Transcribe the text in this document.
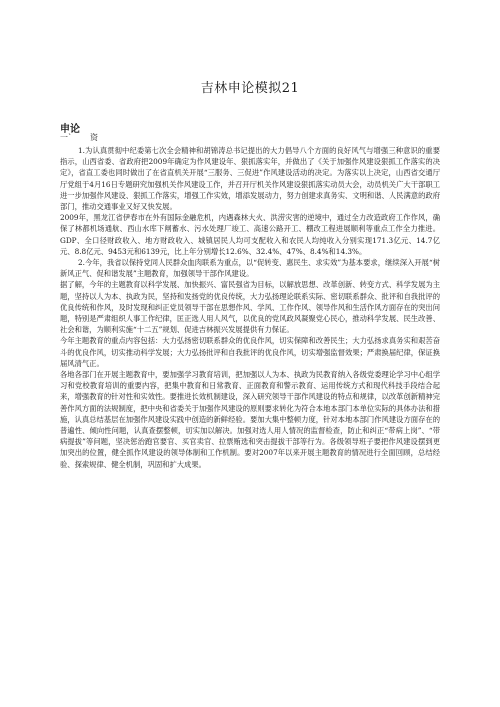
吉林申论模拟21
申论
一` 资

1.为认真贯彻中纪委第七次全会精神和胡锦涛总书记提出的大力倡导八个方面的良好风气与增强三种意识的重要指示，山西省委、省政府把2009年确定为作风建设年、狠抓落实年，并做出了《关于加强作风建设狠抓工作落实的决定》，省直工委也同时做出了在省直机关开展“三服务、三促进”作风建设活动的决定。为落实以上决定，山西省交通厅厅党组于4月16日专题研究加强机关作风建设工作，并召开厅机关作风建设狠抓落实动员大会，动员机关广大干部职工进一步加强作风建设、狠抓工作落实，增强工作实效，增添发展动力，努力创建求真务实、文明和谐、人民满意的政府部门，推动交通事业又好又快发展。

2009年，黑龙江省伊春市在外有国际金融危机，内遇森林大火、洪涝灾害的逆境中，通过全力改造政府工作作风，确保了林都机场通航、西山水库下闸蓄水、污水处理厂竣工、高速公路开工、棚改工程进展顺利等重点工作全力推进。GDP、全口径财政收入、地方财政收入、城镇居民人均可支配收入和农民人均纯收入分别实现171.3亿元、14.7亿元、8.8亿元、9453元和6139元，比上年分别增长12.6%、32.4%、47%、8.4%和14.3%。

2.今年，我省以保持党同人民群众血肉联系为重点，以“促转变、惠民生、求实效”为基本要求，继续深入开展“树新风正气、促和谐发展”主题教育，加强领导干部作风建设。

据了解，今年的主题教育以科学发展、加快振兴、富民强省为目标，以解放思想、改革创新、转变方式、科学发展为主题，坚持以人为本、执政为民，坚持和发扬党的优良传统，大力弘扬理论联系实际、密切联系群众、批评和自我批评的优良传统和作风，及时发现和纠正党员领导干部在思想作风、学风、工作作风、领导作风和生活作风方面存在的突出问题，特别是严肃组织人事工作纪律，匡正选人用人风气，以优良的党风政风凝聚党心民心，推动科学发展、民生改善、社会和谐，为顺利实施“十二五”规划、促进吉林振兴发展提供有力保证。

今年主题教育的重点内容包括：大力弘扬密切联系群众的优良作风，切实保障和改善民生；大力弘扬求真务实和艰苦奋斗的优良作风，切实推动科学发展；大力弘扬批评和自我批评的优良作风，切实增强监督效果；严肃换届纪律，保证换届风清气正。

各地各部门在开展主题教育中，要加强学习教育培训，把加强以人为本、执政为民教育纳入各级党委理论学习中心组学习和党校教育培训的重要内容，把集中教育和日常教育、正面教育和警示教育、运用传统方式和现代科技手段结合起来，增强教育的针对性和实效性。要推进长效机制建设，深入研究领导干部作风建设的特点和规律，以改革创新精神完善作风方面的法规制度，把中央和省委关于加强作风建设的原则要求转化为符合本地本部门本单位实际的具体办法和措施，认真总结基层在加强作风建设实践中创造的新鲜经验。要加大集中整顿力度，针对本地本部门作风建设方面存在的普遍性、倾向性问题，认真查摆整顿，切实加以解决。加强对选人用人情况的监督检查，防止和纠正“带病上岗”、“带病提拔”等问题，坚决惩治跑官要官、买官卖官、拉票贿选和突击提拔干部等行为。各级领导班子要把作风建设摆到更加突出的位置，健全抓作风建设的领导体制和工作机制。要对2007年以来开展主题教育的情况进行全面回顾，总结经验、探索规律、健全机制，巩固和扩大成果。
